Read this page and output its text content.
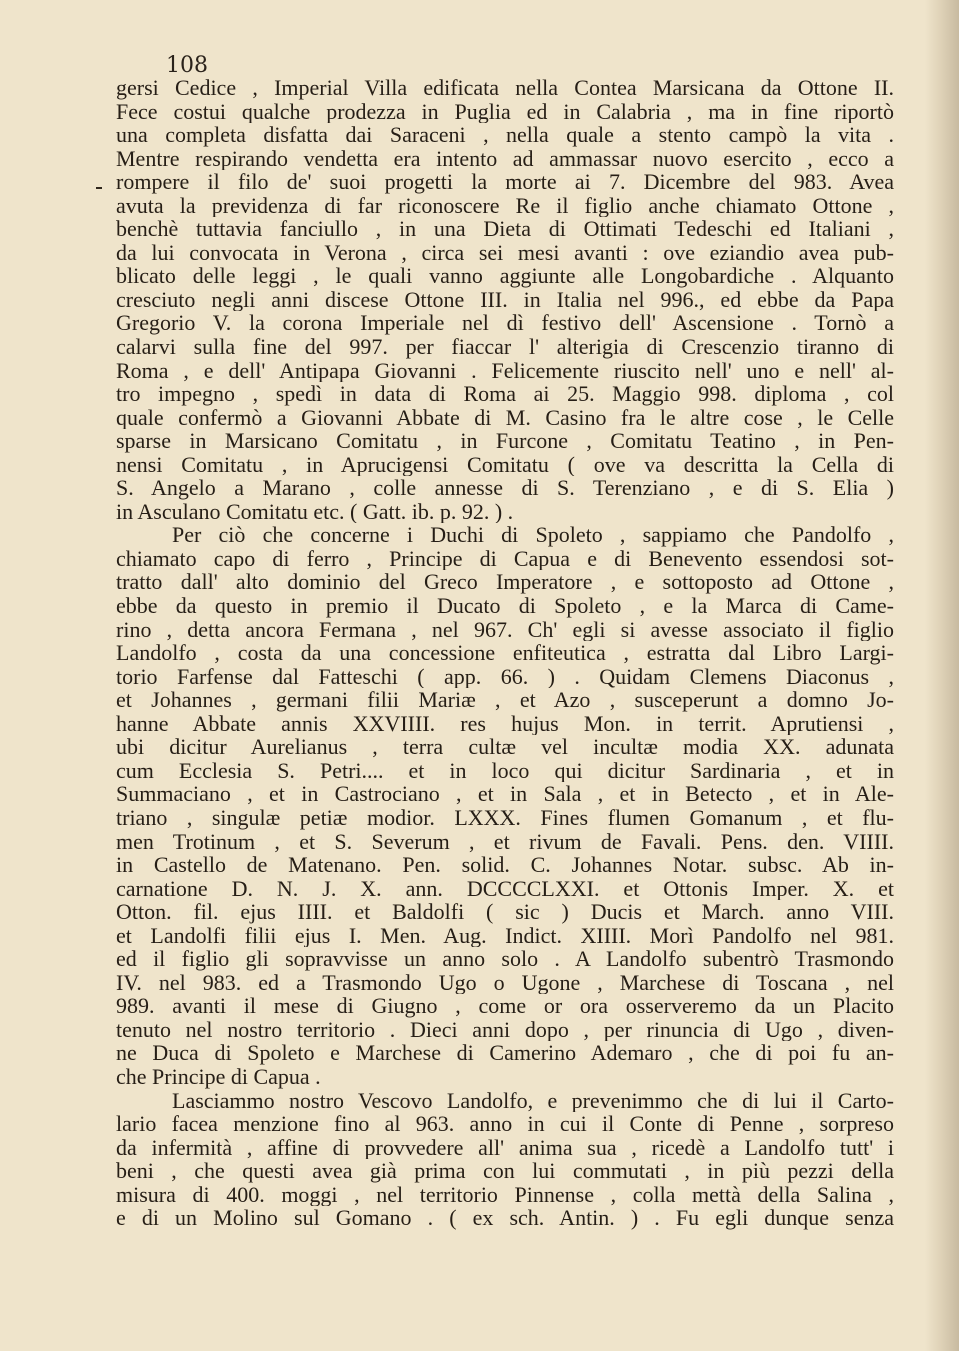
108

gersi Cedice , Imperial Villa edificata nella Contea Marsicana da Ottone II.
Fece costui qualche prodezza in Puglia ed in Calabria , ma in fine riportò
una completa disfatta dai Saraceni , nella quale a stento campò la vita .
Mentre respirando vendetta era intento ad ammassar nuovo esercito , ecco a
rompere il filo de' suoi progetti la morte ai 7. Dicembre del 983. Avea
avuta la previdenza di far riconoscere Re il figlio anche chiamato Ottone ,
benchè tuttavia fanciullo , in una Dieta di Ottimati Tedeschi ed Italiani ,
da lui convocata in Verona , circa sei mesi avanti : ove eziandio avea pub-
blicato delle leggi , le quali vanno aggiunte alle Longobardiche . Alquanto
cresciuto negli anni discese Ottone III. in Italia nel 996., ed ebbe da Papa
Gregorio V. la corona Imperiale nel dì festivo dell' Ascensione . Tornò a
calarvi sulla fine del 997. per fiaccar l' alterigia di Crescenzio tiranno di
Roma , e dell' Antipapa Giovanni . Felicemente riuscito nell' uno e nell' al-
tro impegno , spedì in data di Roma ai 25. Maggio 998. diploma , col
quale confermò a Giovanni Abbate di M. Casino fra le altre cose , le Celle
sparse in Marsicano Comitatu , in Furcone , Comitatu Teatino , in Pen-
nensi Comitatu , in Aprucigensi Comitatu ( ove va descritta la Cella di
S. Angelo a Marano , colle annesse di S. Terenziano , e di S. Elia )
in Asculano Comitatu etc. ( Gatt. ib. p. 92. ) .
Per ciò che concerne i Duchi di Spoleto , sappiamo che Pandolfo ,
chiamato capo di ferro , Principe di Capua e di Benevento essendosi sot-
tratto dall' alto dominio del Greco Imperatore , e sottoposto ad Ottone ,
ebbe da questo in premio il Ducato di Spoleto , e la Marca di Came-
rino , detta ancora Fermana , nel 967. Ch' egli si avesse associato il figlio
Landolfo , costa da una concessione enfiteutica , estratta dal Libro Largi-
torio Farfense dal Fatteschi ( app. 66. ) . Quidam Clemens Diaconus ,
et Johannes , germani filii Mariæ , et Azo , susceperunt a domno Jo-
hanne Abbate annis XXVIIII. res hujus Mon. in territ. Aprutiensi ,
ubi dicitur Aurelianus , terra cultæ vel incultæ modia XX. adunata
cum Ecclesia S. Petri.... et in loco qui dicitur Sardinaria , et in
Summaciano , et in Castrociano , et in Sala , et in Betecto , et in Ale-
triano , singulæ petiæ modior. LXXX. Fines flumen Gomanum , et flu-
men Trotinum , et S. Severum , et rivum de Favali. Pens. den. VIIII.
in Castello de Matenano. Pen. solid. C. Johannes Notar. subsc. Ab in-
carnatione D. N. J. X. ann. DCCCCLXXI. et Ottonis Imper. X. et
Otton. fil. ejus IIII. et Baldolfi ( sic ) Ducis et March. anno VIII.
et Landolfi filii ejus I. Men. Aug. Indict. XIIII. Morì Pandolfo nel 981.
ed il figlio gli sopravvisse un anno solo . A Landolfo subentrò Trasmondo
IV. nel 983. ed a Trasmondo Ugo o Ugone , Marchese di Toscana , nel
989. avanti il mese di Giugno , come or ora osserveremo da un Placito
tenuto nel nostro territorio . Dieci anni dopo , per rinuncia di Ugo , diven-
ne Duca di Spoleto e Marchese di Camerino Ademaro , che di poi fu an-
che Principe di Capua .
Lasciammo nostro Vescovo Landolfo, e prevenimmo che di lui il Carto-
lario facea menzione fino al 963. anno in cui il Conte di Penne , sorpreso
da infermità , affine di provvedere all' anima sua , ricedè a Landolfo tutt' i
beni , che questi avea già prima con lui commutati , in più pezzi della
misura di 400. moggi , nel territorio Pinnense , colla mettà della Salina ,
e di un Molino sul Gomano . ( ex sch. Antin. ) . Fu egli dunque senza
